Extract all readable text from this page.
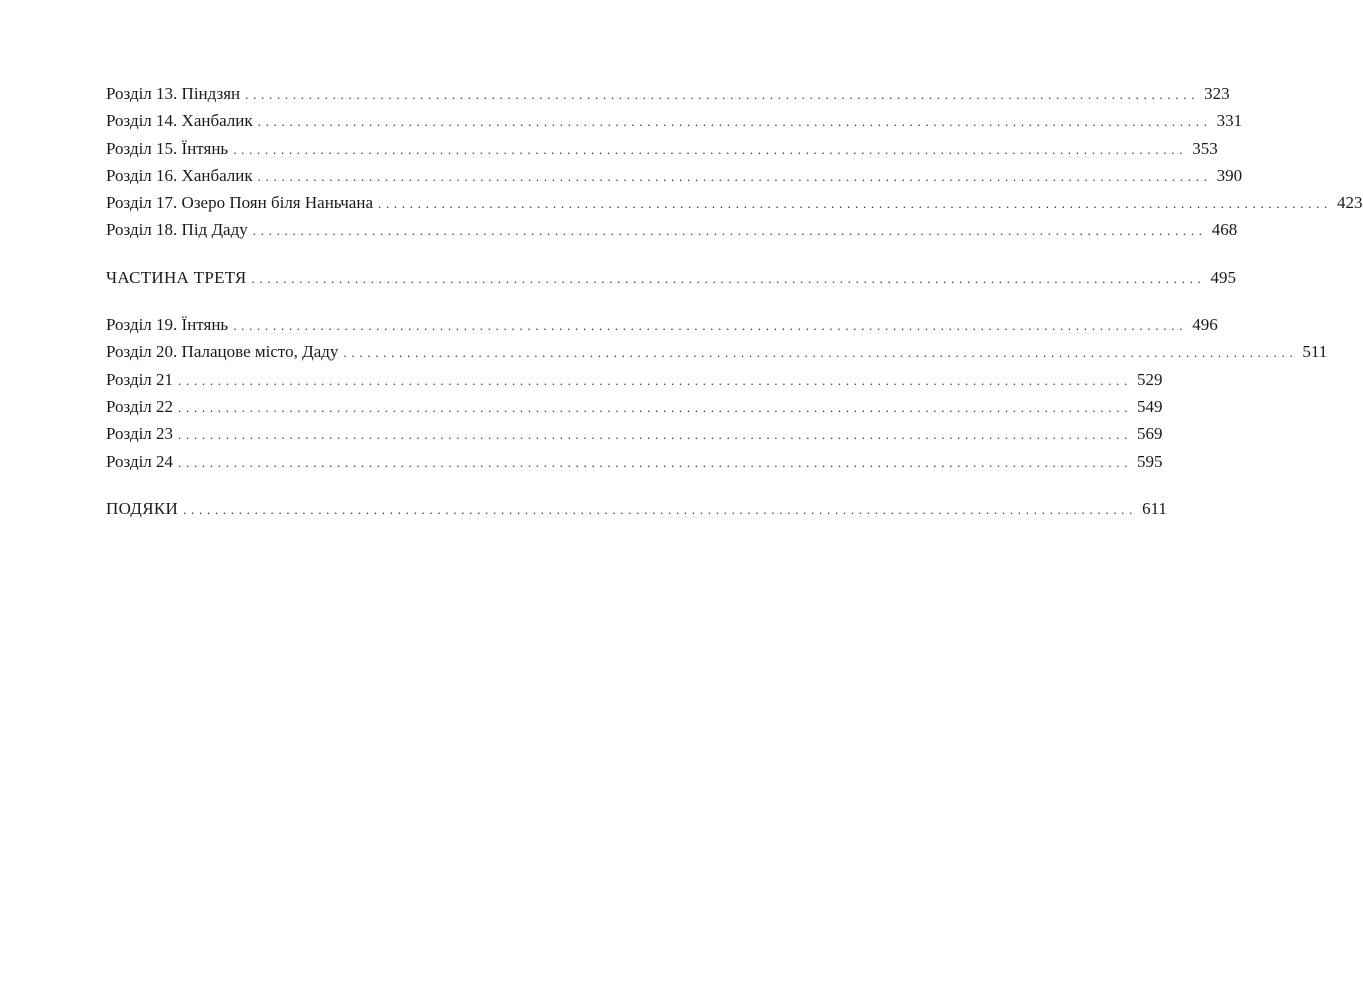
Розділ 13. Піндзян ........................................................................................................................ 323
Розділ 14. Ханбалик ........................................................................................................................ 331
Розділ 15. Їнтянь ........................................................................................................................ 353
Розділ 16. Ханбалик ........................................................................................................................ 390
Розділ 17. Озеро Поян біля Наньчана ........................................................................................................................ 423
Розділ 18. Під Даду ........................................................................................................................ 468
ЧАСТИНА ТРЕТЯ ........................................................................................................................ 495
Розділ 19. Їнтянь ........................................................................................................................ 496
Розділ 20. Палацове місто, Даду ........................................................................................................................ 511
Розділ 21 ........................................................................................................................ 529
Розділ 22 ........................................................................................................................ 549
Розділ 23 ........................................................................................................................ 569
Розділ 24 ........................................................................................................................ 595
ПОДЯКИ ........................................................................................................................ 611
